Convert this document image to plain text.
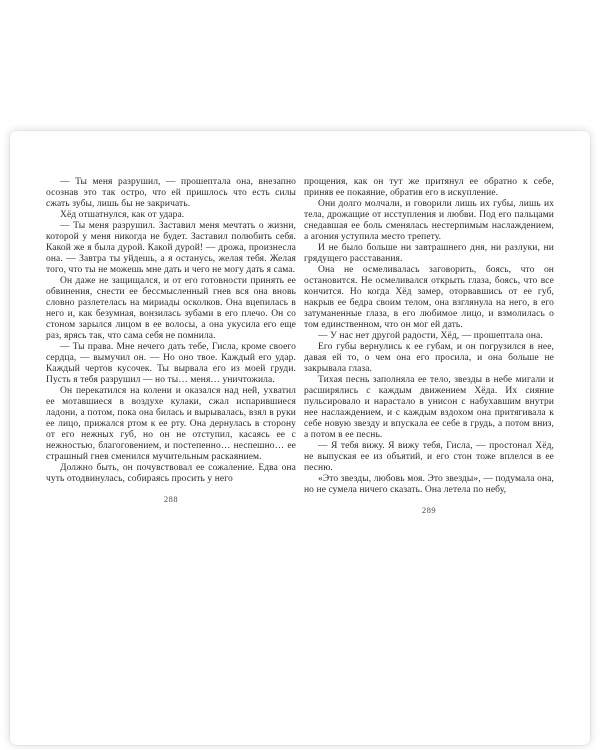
— Ты меня разрушил, — прошептала она, внезапно осознав это так остро, что ей пришлось что есть силы сжать зубы, лишь бы не закричать.

Хёд отшатнулся, как от удара.

— Ты меня разрушил. Заставил меня мечтать о жизни, которой у меня никогда не будет. Заставил полюбить себя. Какой же я была дурой. Какой дурой! — дрожа, произнесла она. — Завтра ты уйдешь, а я останусь, желая тебя. Желая того, что ты не можешь мне дать и чего не могу дать я сама.

Он даже не защищался, и от его готовности принять ее обвинения, снести ее бессмысленный гнев вся она вновь словно разлетелась на мириады осколков. Она вцепилась в него и, как безумная, вонзилась зубами в его плечо. Он со стоном зарылся лицом в ее волосы, а она укусила его еще раз, ярясь так, что сама себя не помнила.

— Ты права. Мне нечего дать тебе, Гисла, кроме своего сердца, — вымучил он. — Но оно твое. Каждый его удар. Каждый чертов кусочек. Ты вырвала его из моей груди. Пусть я тебя разрушил — но ты… меня… уничтожила.

Он перекатился на колени и оказался над ней, ухватил ее мотавшиеся в воздухе кулаки, сжал испарившиеся ладони, а потом, пока она билась и вырывалась, взял в руки ее лицо, прижался ртом к ее рту. Она дернулась в сторону от его нежных губ, но он не отступил, касаясь ее с нежностью, благоговением, и постепенно… неспешно… ее страшный гнев сменился мучительным раскаянием.

Должно быть, он почувствовал ее сожаление. Едва она чуть отодвинулась, собираясь просить у него

288

прощения, как он тут же притянул ее обратно к себе, приняв ее покаяние, обратив его в искупление.

Они долго молчали, и говорили лишь их губы, лишь их тела, дрожащие от исступления и любви. Под его пальцами снедавшая ее боль сменялась нестерпимым наслаждением, а агония уступила место трепету.

И не было больше ни завтрашнего дня, ни разлуки, ни грядущего расставания.

Она не осмеливалась заговорить, боясь, что он остановится. Не осмеливался открыть глаза, боясь, что все кончится. Но когда Хёд замер, оторвавшись от ее губ, накрыв ее бедра своим телом, она взглянула на него, в его затуманенные глаза, в его любимое лицо, и взмолилась о том единственном, что он мог ей дать.

— У нас нет другой радости, Хёд, — прошептала она.

Его губы вернулись к ее губам, и он погрузился в нее, давая ей то, о чем она его просила, и она больше не закрывала глаза.

Тихая песнь заполняла ее тело, звезды в небе мигали и расширялись с каждым движением Хёда. Их сияние пульсировало и нарастало в унисон с набухавшим внутри нее наслаждением, и с каждым вздохом она притягивала к себе новую звезду и впускала ее себе в грудь, а потом вниз, а потом в ее песнь.

— Я тебя вижу. Я вижу тебя, Гисла, — простонал Хёд, не выпуская ее из объятий, и его стон тоже вплелся в ее песню.

«Это звезды, любовь моя. Это звезды», — подумала она, но не сумела ничего сказать. Она летела по небу,

289
